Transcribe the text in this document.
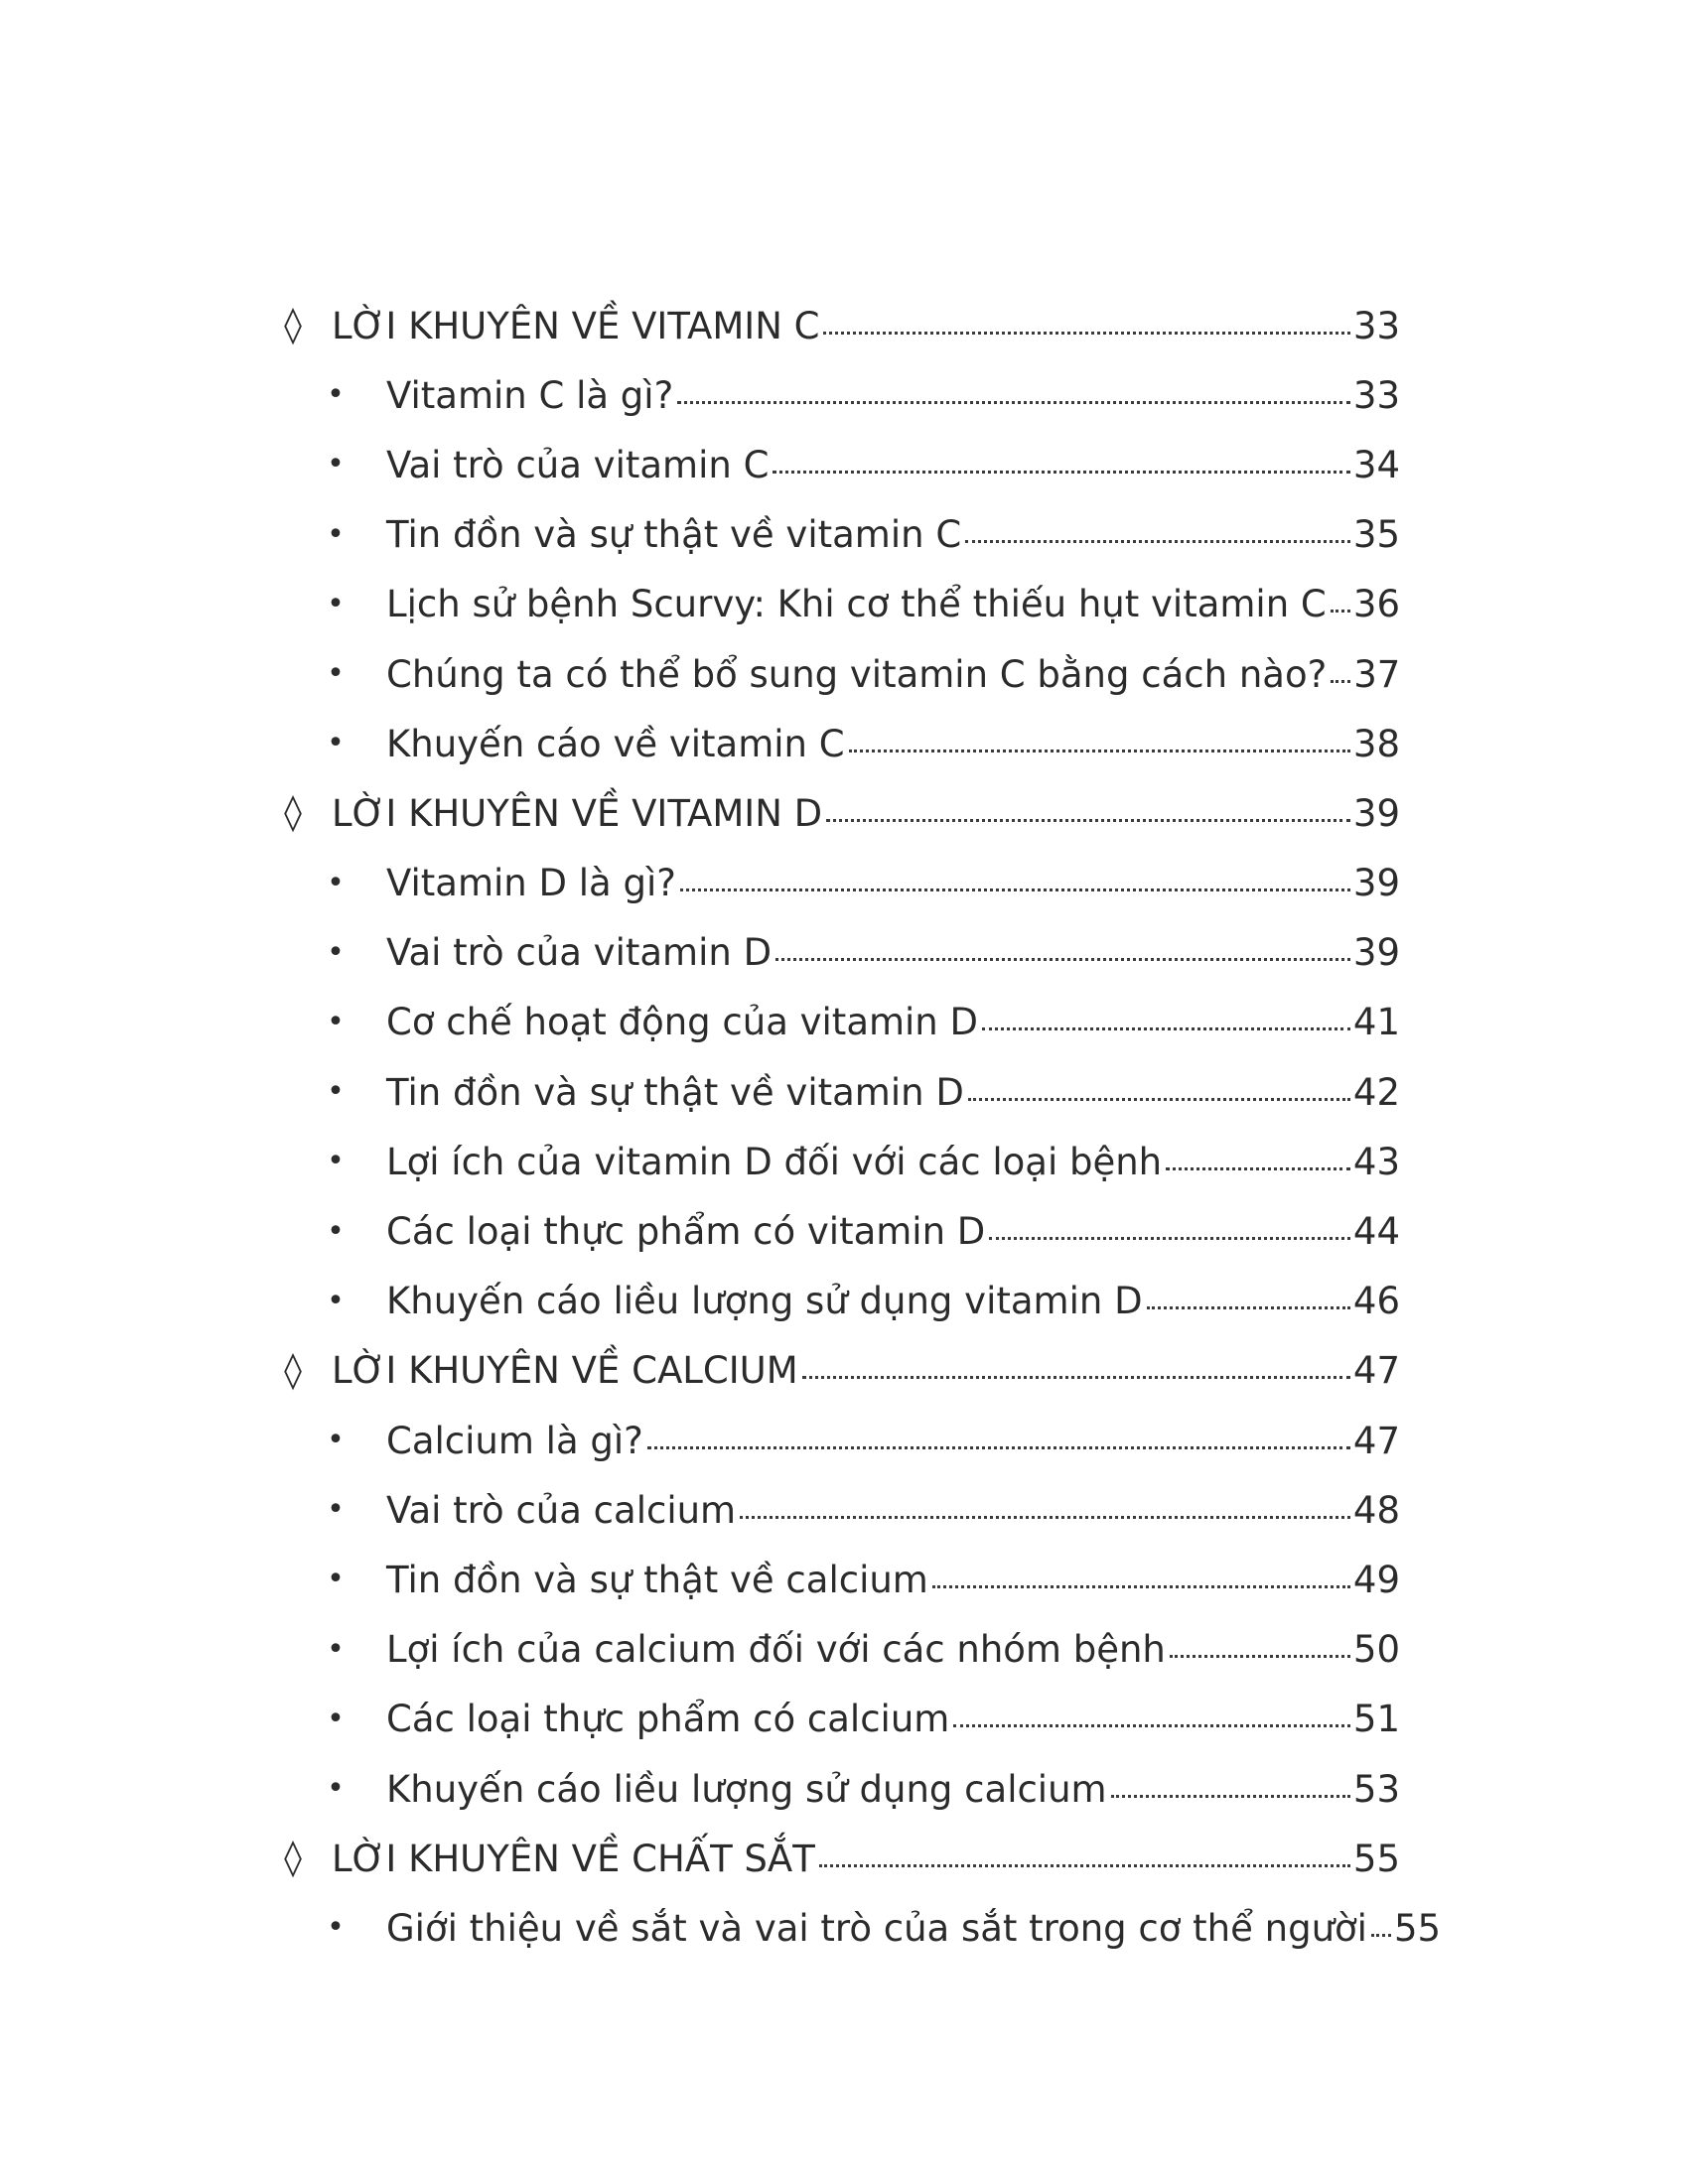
◊ LỜI KHUYÊN VỀ VITAMIN C	33
• Vitamin C là gì?	33
• Vai trò của vitamin C	34
• Tin đồn và sự thật về vitamin C	35
• Lịch sử bệnh Scurvy: Khi cơ thể thiếu hụt vitamin C 36
• Chúng ta có thể bổ sung vitamin C bằng cách nào? 37
• Khuyến cáo về vitamin C	38
◊ LỜI KHUYÊN VỀ VITAMIN D	39
• Vitamin D là gì?	39
• Vai trò của vitamin D	39
• Cơ chế hoạt động của vitamin D	41
• Tin đồn và sự thật về vitamin D	42
• Lợi ích của vitamin D đối với các loại bệnh	43
• Các loại thực phẩm có vitamin D	44
• Khuyến cáo liều lượng sử dụng vitamin D	46
◊ LỜI KHUYÊN VỀ CALCIUM	47
• Calcium là gì?	47
• Vai trò của calcium	48
• Tin đồn và sự thật về calcium	49
• Lợi ích của calcium đối với các nhóm bệnh	50
• Các loại thực phẩm có calcium	51
• Khuyến cáo liều lượng sử dụng calcium	53
◊ LỜI KHUYÊN VỀ CHẤT SẮT	55
• Giới thiệu về sắt và vai trò của sắt trong cơ thể người 55
